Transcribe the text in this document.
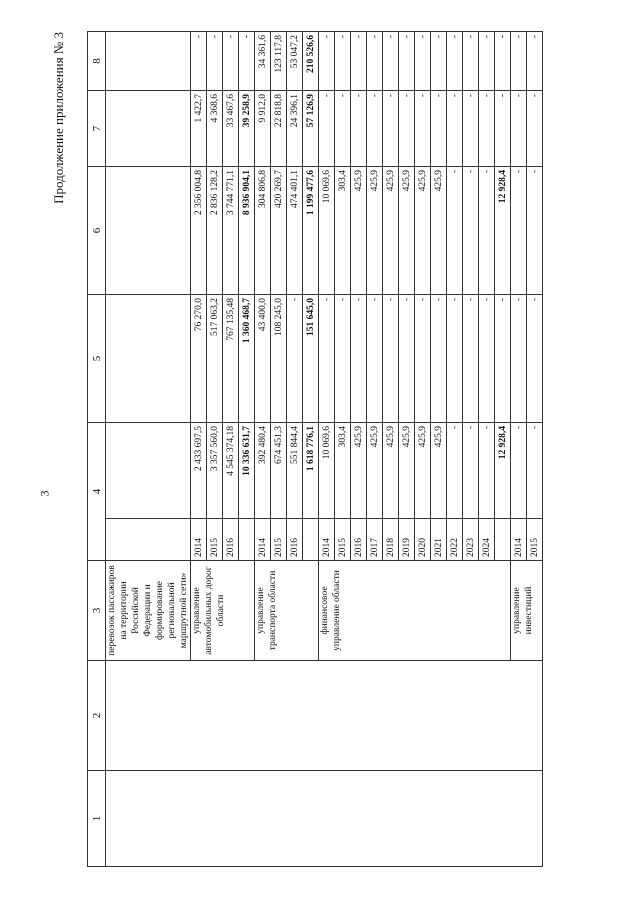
3
Продолжение приложения № 3
1	2	3	4		5	6	7	8
		перевозок пассажиров на территории Российской Федерации и формирование региональной маршрутной сети»						
		управление автомобильных дорог области	2014	2 433 697,5	76 270,0	2 356 004,8	1 422,7	-
			2015	3 357 560,0	517 063,2	2 836 128,2	4 368,6	-
			2016	4 545 374,18	767 135,48	3 744 771,1	33 467,6	-
				10 336 631,7	1 360 468,7	8 936 904,1	39 258,9	-
		управление транспорта области	2014	392 480,4	43 400,0	304 806,8	9 912,0	34 361,6
			2015	674 451,3	108 245,0	420 269,7	22 818,8	123 117,8
			2016	551 844,4	-	474 401,1	24 396,1	53 047,2
				1 618 776,1	151 645,0	1 199 477,6	57 126,9	210 526,6
		финансовое управление области	2014	10 069,6	-	10 069,6	-	-
			2015	303,4	-	303,4	-	-
			2016	425,9	-	425,9	-	-
			2017	425,9	-	425,9	-	-
			2018	425,9	-	425,9	-	-
			2019	425,9	-	425,9	-	-
			2020	425,9	-	425,9	-	-
			2021	425,9	-	425,9	-	-
			2022	-	-	-	-	-
			2023	-	-	-	-	-
			2024	-	-	-	-	-
				12 928,4	-	12 928,4	-	-
		управление инвестиций	2014	-	-	-	-	-
			2015	-	-	-	-	-
